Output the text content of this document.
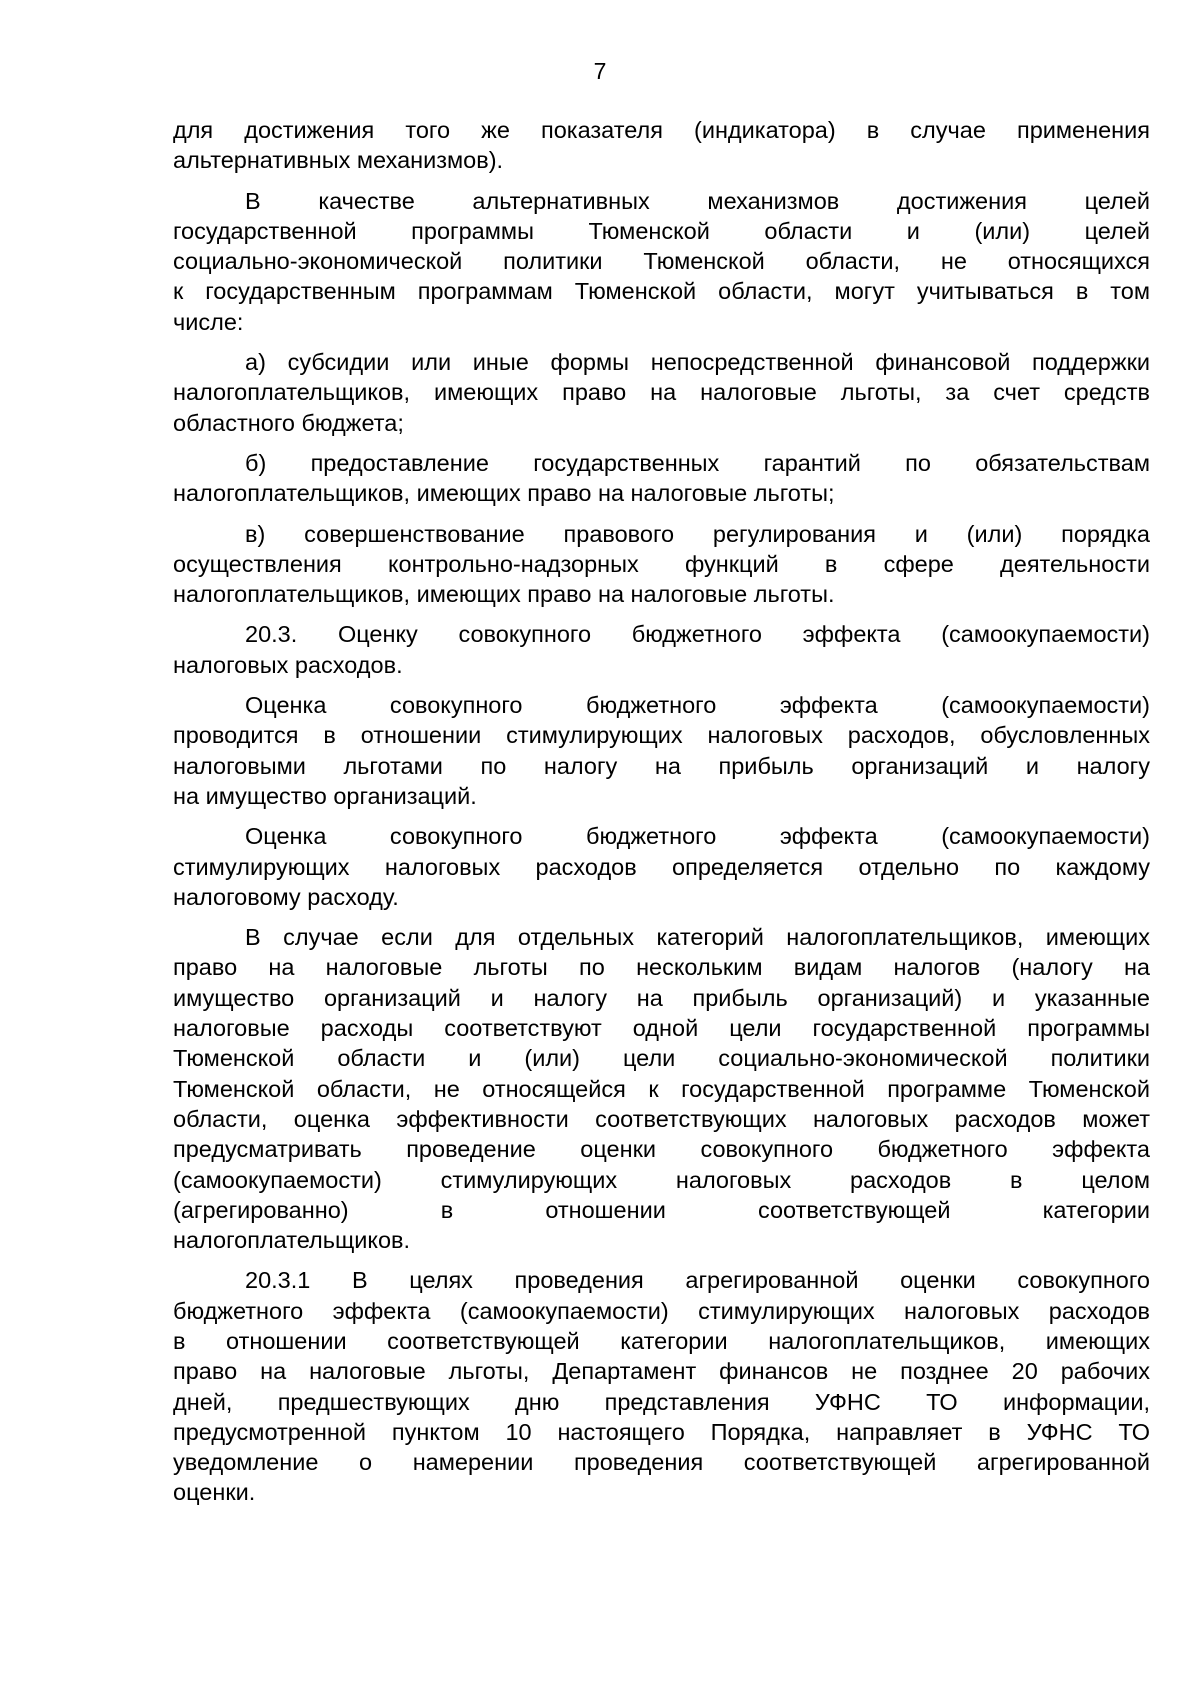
7
для достижения того же показателя (индикатора) в случае применения
альтернативных механизмов).
В качестве альтернативных механизмов достижения целей
государственной программы Тюменской области и (или) целей
социально-экономической политики Тюменской области, не относящихся
к государственным программам Тюменской области, могут учитываться в том
числе:
а) субсидии или иные формы непосредственной финансовой поддержки
налогоплательщиков, имеющих право на налоговые льготы, за счет средств
областного бюджета;
б) предоставление государственных гарантий по обязательствам
налогоплательщиков, имеющих право на налоговые льготы;
в) совершенствование правового регулирования и (или) порядка
осуществления контрольно-надзорных функций в сфере деятельности
налогоплательщиков, имеющих право на налоговые льготы.
20.3. Оценку совокупного бюджетного эффекта (самоокупаемости)
налоговых расходов.
Оценка совокупного бюджетного эффекта (самоокупаемости)
проводится в отношении стимулирующих налоговых расходов, обусловленных
налоговыми льготами по налогу на прибыль организаций и налогу
на имущество организаций.
Оценка совокупного бюджетного эффекта (самоокупаемости)
стимулирующих налоговых расходов определяется отдельно по каждому
налоговому расходу.
В случае если для отдельных категорий налогоплательщиков, имеющих
право на налоговые льготы по нескольким видам налогов (налогу на
имущество организаций и налогу на прибыль организаций) и указанные
налоговые расходы соответствуют одной цели государственной программы
Тюменской области и (или) цели социально-экономической политики
Тюменской области, не относящейся к государственной программе Тюменской
области, оценка эффективности соответствующих налоговых расходов может
предусматривать проведение оценки совокупного бюджетного эффекта
(самоокупаемости) стимулирующих налоговых расходов в целом
(агрегированно) в отношении соответствующей категории
налогоплательщиков.
20.3.1 В целях проведения агрегированной оценки совокупного
бюджетного эффекта (самоокупаемости) стимулирующих налоговых расходов
в отношении соответствующей категории налогоплательщиков, имеющих
право на налоговые льготы, Департамент финансов не позднее 20 рабочих
дней, предшествующих дню представления УФНС ТО информации,
предусмотренной пунктом 10 настоящего Порядка, направляет в УФНС ТО
уведомление о намерении проведения соответствующей агрегированной
оценки.
